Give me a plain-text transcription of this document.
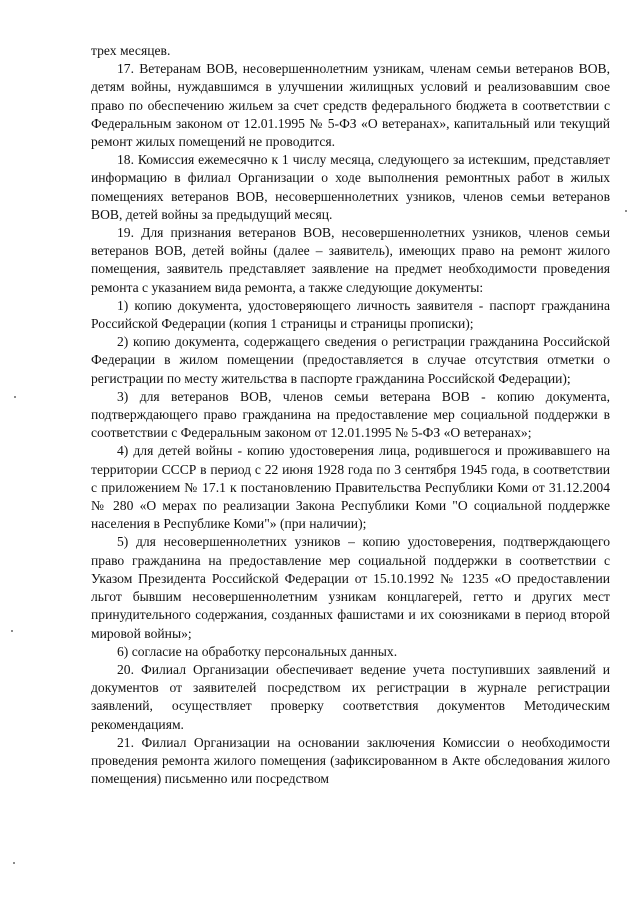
трех месяцев.

17. Ветеранам ВОВ, несовершеннолетним узникам, членам семьи ветеранов ВОВ, детям войны, нуждавшимся в улучшении жилищных условий и реализовавшим свое право по обеспечению жильем за счет средств федерального бюджета в соответствии с Федеральным законом от 12.01.1995 № 5-ФЗ «О ветеранах», капитальный или текущий ремонт жилых помещений не проводится.

18. Комиссия ежемесячно к 1 числу месяца, следующего за истекшим, представляет информацию в филиал Организации о ходе выполнения ремонтных работ в жилых помещениях ветеранов ВОВ, несовершеннолетних узников, членов семьи ветеранов ВОВ, детей войны за предыдущий месяц.

19. Для признания ветеранов ВОВ, несовершеннолетних узников, членов семьи ветеранов ВОВ, детей войны (далее – заявитель), имеющих право на ремонт жилого помещения, заявитель представляет заявление на предмет необходимости проведения ремонта с указанием вида ремонта, а также следующие документы:

1) копию документа, удостоверяющего личность заявителя - паспорт гражданина Российской Федерации (копия 1 страницы и страницы прописки);

2) копию документа, содержащего сведения о регистрации гражданина Российской Федерации в жилом помещении (предоставляется в случае отсутствия отметки о регистрации по месту жительства в паспорте гражданина Российской Федерации);

3) для ветеранов ВОВ, членов семьи ветерана ВОВ - копию документа, подтверждающего право гражданина на предоставление мер социальной поддержки в соответствии с Федеральным законом от 12.01.1995 № 5-ФЗ «О ветеранах»;

4) для детей войны - копию удостоверения лица, родившегося и проживавшего на территории СССР в период с 22 июня 1928 года по 3 сентября 1945 года, в соответствии с приложением № 17.1 к постановлению Правительства Республики Коми от 31.12.2004 № 280 «О мерах по реализации Закона Республики Коми "О социальной поддержке населения в Республике Коми"» (при наличии);

5) для несовершеннолетних узников – копию удостоверения, подтверждающего право гражданина на предоставление мер социальной поддержки в соответствии с Указом Президента Российской Федерации от 15.10.1992 № 1235 «О предоставлении льгот бывшим несовершеннолетним узникам концлагерей, гетто и других мест принудительного содержания, созданных фашистами и их союзниками в период второй мировой войны»;

6) согласие на обработку персональных данных.

20. Филиал Организации обеспечивает ведение учета поступивших заявлений и документов от заявителей посредством их регистрации в журнале регистрации заявлений, осуществляет проверку соответствия документов Методическим рекомендациям.

21. Филиал Организации на основании заключения Комиссии о необходимости проведения ремонта жилого помещения (зафиксированном в Акте обследования жилого помещения) письменно или посредством
